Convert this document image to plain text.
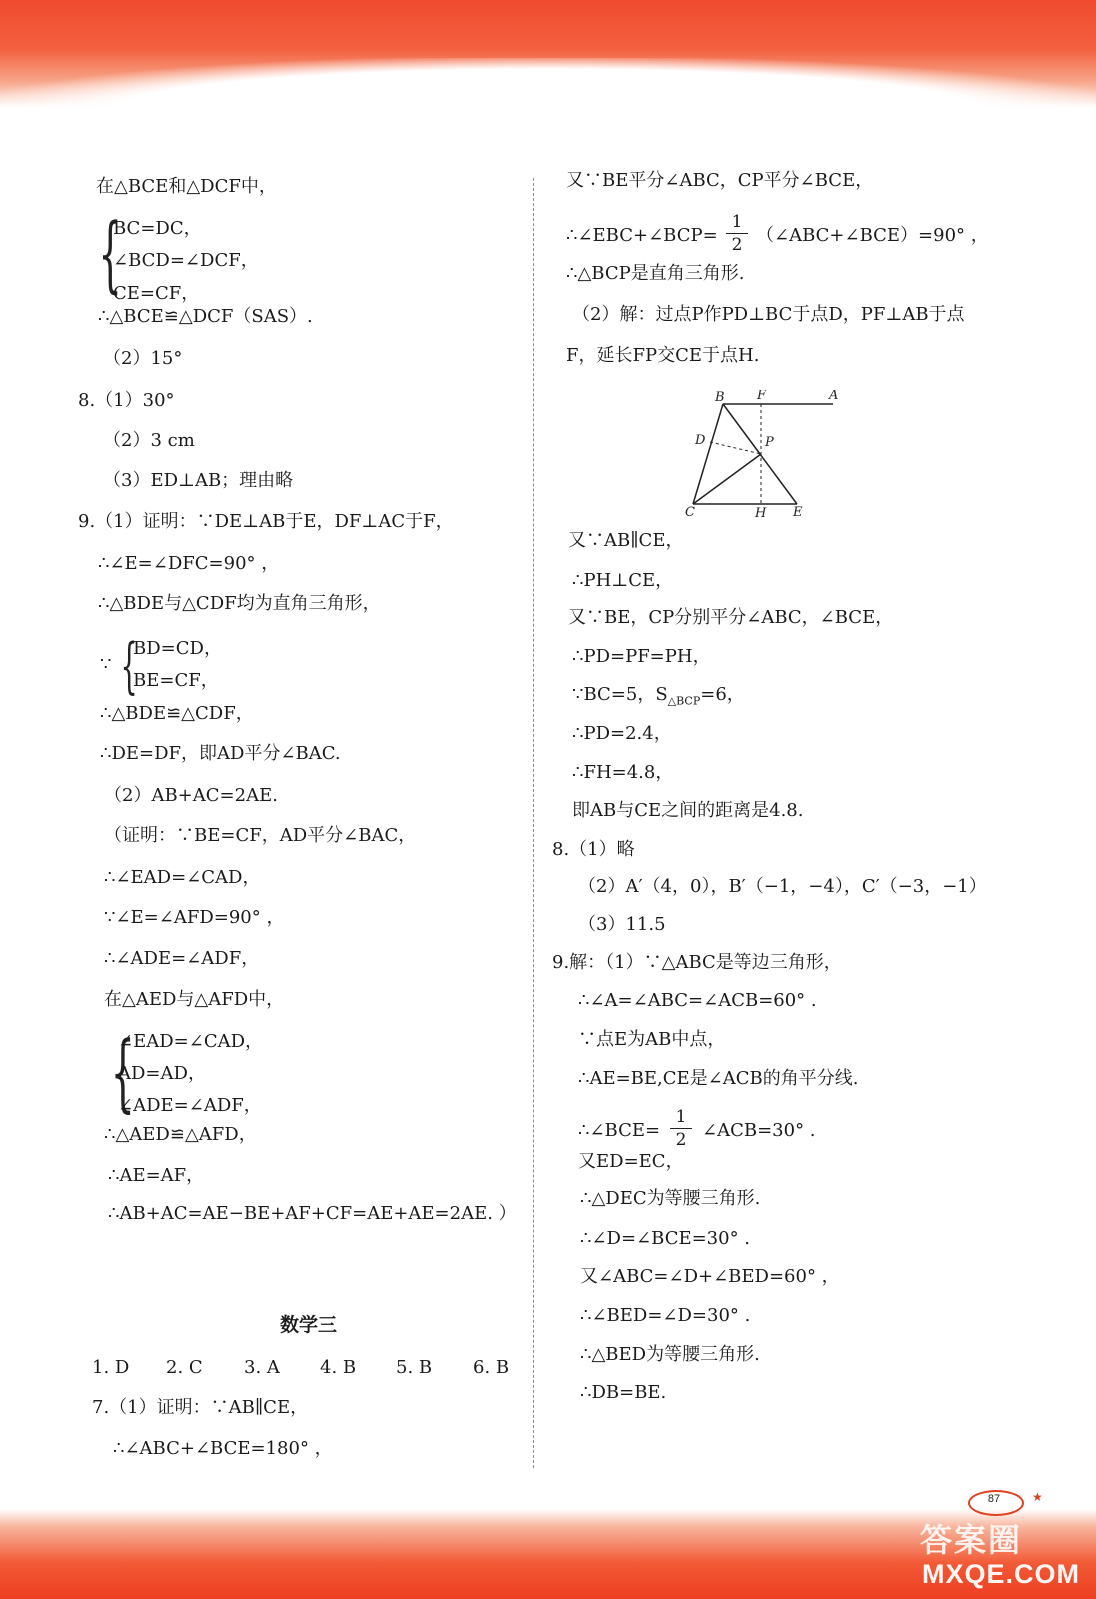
在△BCE和△DCF中，
{
BC=DC，
∠BCD=∠DCF，
CE=CF，
∴△BCE≌△DCF（SAS）.
（2）15°
8.（1）30°
（2）3 cm
（3）ED⊥AB；理由略
9.（1）证明：∵DE⊥AB于E，DF⊥AC于F，
∴∠E=∠DFC=90° ，
∴△BDE与△CDF均为直角三角形，
{
BD=CD，
∵
BE=CF，
∴△BDE≌△CDF，
∴DE=DF，即AD平分∠BAC.
（2）AB+AC=2AE.
（证明：∵BE=CF，AD平分∠BAC，
∴∠EAD=∠CAD，
∵∠E=∠AFD=90° ，
∴∠ADE=∠ADF，
在△AED与△AFD中，
{
∠EAD=∠CAD，
AD=AD，
∠ADE=∠ADF，
∴△AED≌△AFD，
∴AE=AF，
∴AB+AC=AE−BE+AF+CF=AE+AE=2AE. ）
数学三
1. D 2. C 3. A 4. B 5. B 6. B
7.（1）证明：∵AB∥CE，
∴∠ABC+∠BCE=180° ，
又∵BE平分∠ABC，CP平分∠BCE，
∴∠EBC+∠BCP= $\frac{1}{2}$ （∠ABC+∠BCE）=90° ，
∴△BCP是直角三角形.
（2）解：过点P作PD⊥BC于点D，PF⊥AB于点
F，延长FP交CE于点H.
B F	A
D	P
C	H E
又∵AB∥CE，
∴PH⊥CE，
又∵BE，CP分别平分∠ABC，∠BCE，
∴PD=PF=PH，
∵BC=5，$S_{\triangle BCP}=6$，
∴PD=2.4，
∴FH=4.8，
即AB与CE之间的距离是4.8.
8.（1）略
（2）A′（4，0），B′（−1，−4），C′（−3，−1）
（3）11.5
9.解：（1）∵△ABC是等边三角形，
∴∠A=∠ABC=∠ACB=60° .
∵点E为AB中点，
∴AE=BE,CE是∠ACB的角平分线.
∴∠BCE= $\frac{1}{2}$ ∠ACB=30° .
又ED=EC，
∴△DEC为等腰三角形.
∴∠D=∠BCE=30° .
又∠ABC=∠D+∠BED=60° ，
∴∠BED=∠D=30° .
∴△BED为等腰三角形.
∴DB=BE.
87	★
答案圈
MXQE.COM
